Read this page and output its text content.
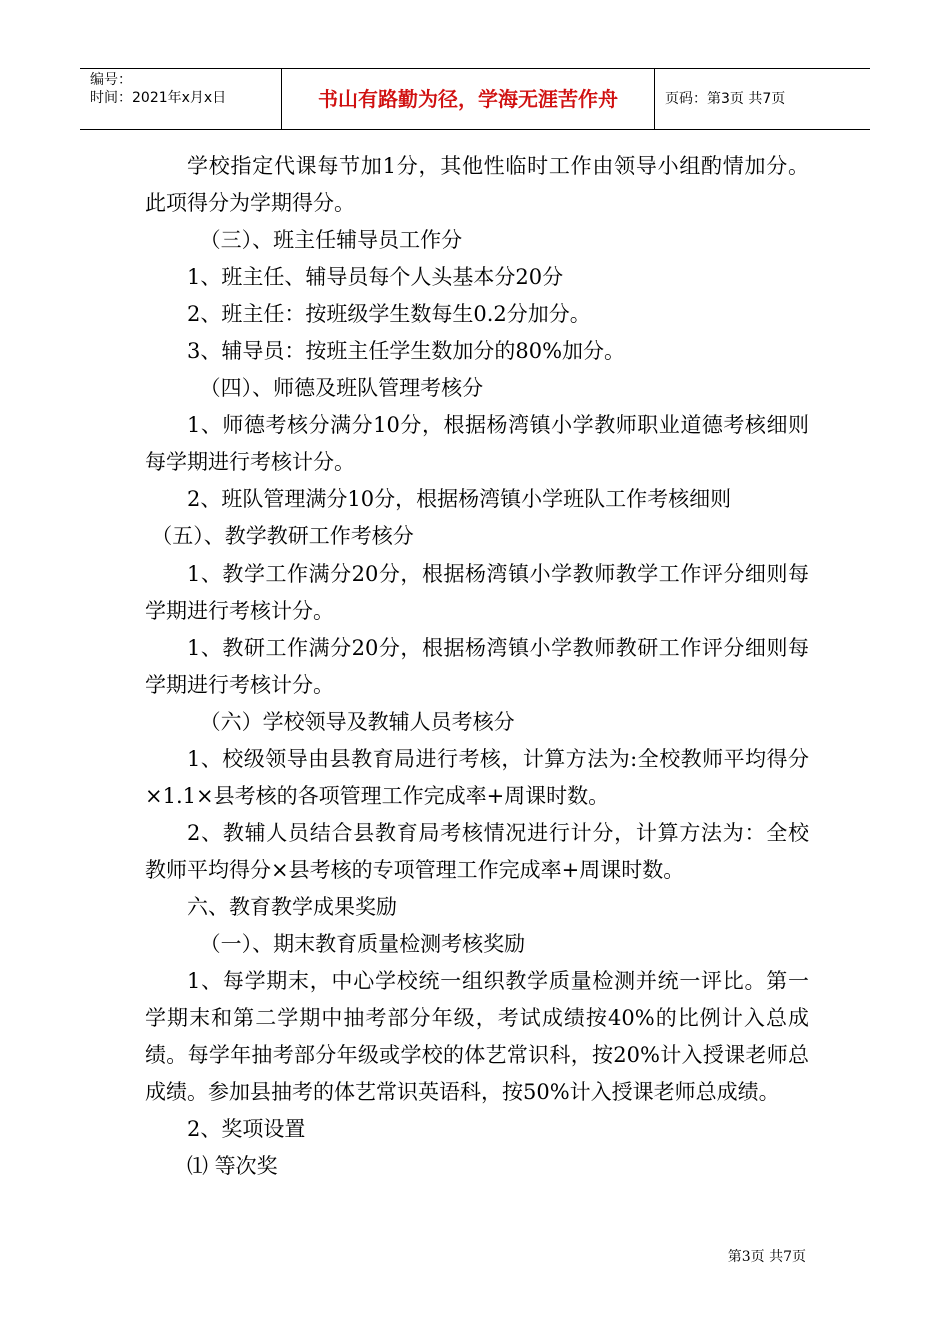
编号：
时间：2021年x月x日	书山有路勤为径，学海无涯苦作舟	页码：第3页 共7页

学校指定代课每节加1分，其他性临时工作由领导小组酌情加分。此项得分为学期得分。

（三）、班主任辅导员工作分

1、班主任、辅导员每个人头基本分20分

2、班主任：按班级学生数每生0.2分加分。

3、辅导员：按班主任学生数加分的80%加分。

（四）、师德及班队管理考核分

1、师德考核分满分10分，根据杨湾镇小学教师职业道德考核细则每学期进行考核计分。

2、班队管理满分10分，根据杨湾镇小学班队工作考核细则

（五）、教学教研工作考核分

1、教学工作满分20分，根据杨湾镇小学教师教学工作评分细则每学期进行考核计分。

1、教研工作满分20分，根据杨湾镇小学教师教研工作评分细则每学期进行考核计分。

（六）学校领导及教辅人员考核分

1、校级领导由县教育局进行考核，计算方法为:全校教师平均得分×1.1×县考核的各项管理工作完成率+周课时数。

2、教辅人员结合县教育局考核情况进行计分，计算方法为：全校教师平均得分×县考核的专项管理工作完成率+周课时数。

六、教育教学成果奖励

（一）、期末教育质量检测考核奖励

1、每学期末，中心学校统一组织教学质量检测并统一评比。第一学期末和第二学期中抽考部分年级，考试成绩按40%的比例计入总成绩。每学年抽考部分年级或学校的体艺常识科，按20%计入授课老师总成绩。参加县抽考的体艺常识英语科，按50%计入授课老师总成绩。

2、奖项设置

⑴ 等次奖

第3页 共7页
